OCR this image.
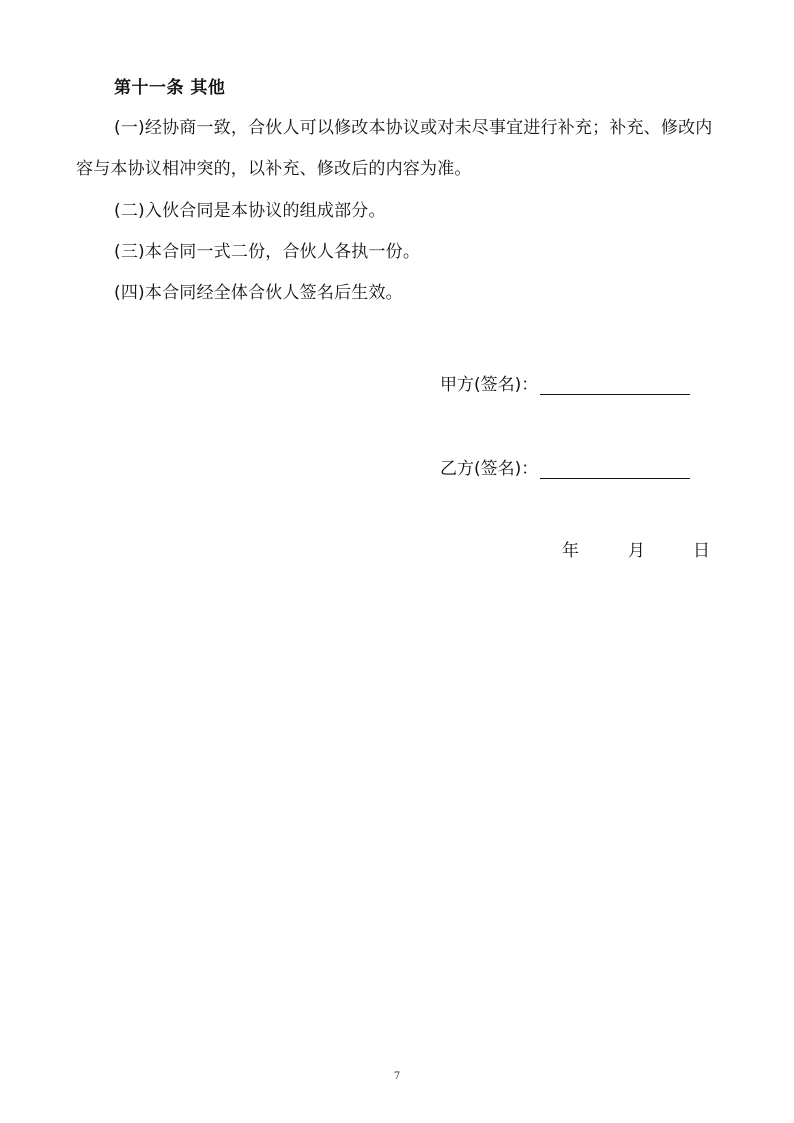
第十一条 其他
(一)经协商一致，合伙人可以修改本协议或对未尽事宜进行补充；补充、修改内容与本协议相冲突的，以补充、修改后的内容为准。
(二)入伙合同是本协议的组成部分。
(三)本合同一式二份，合伙人各执一份。
(四)本合同经全体合伙人签名后生效。
甲方(签名)：
乙方(签名)：
年	月	日
7
